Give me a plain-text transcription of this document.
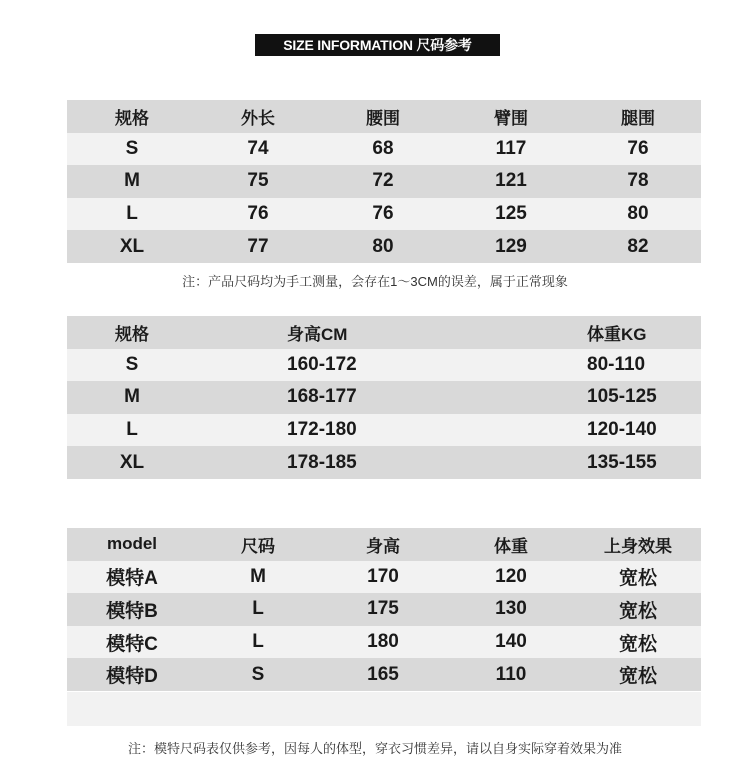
SIZE INFORMATION 尺码参考
规格	外长	腰围	臂围	腿围
S	74	68	117	76
M	75	72	121	78
L	76	76	125	80
XL	77	80	129	82
注：产品尺码均为手工测量，会存在1～3CM的误差，属于正常现象
规格	身高CM	体重KG
S	160-172	80-110
M	168-177	105-125
L	172-180	120-140
XL	178-185	135-155
model	尺码	身高	体重	上身效果
模特A	M	170	120	宽松
模特B	L	175	130	宽松
模特C	L	180	140	宽松
模特D	S	165	110	宽松
注：模特尺码表仅供参考，因每人的体型，穿衣习惯差异，请以自身实际穿着效果为准
